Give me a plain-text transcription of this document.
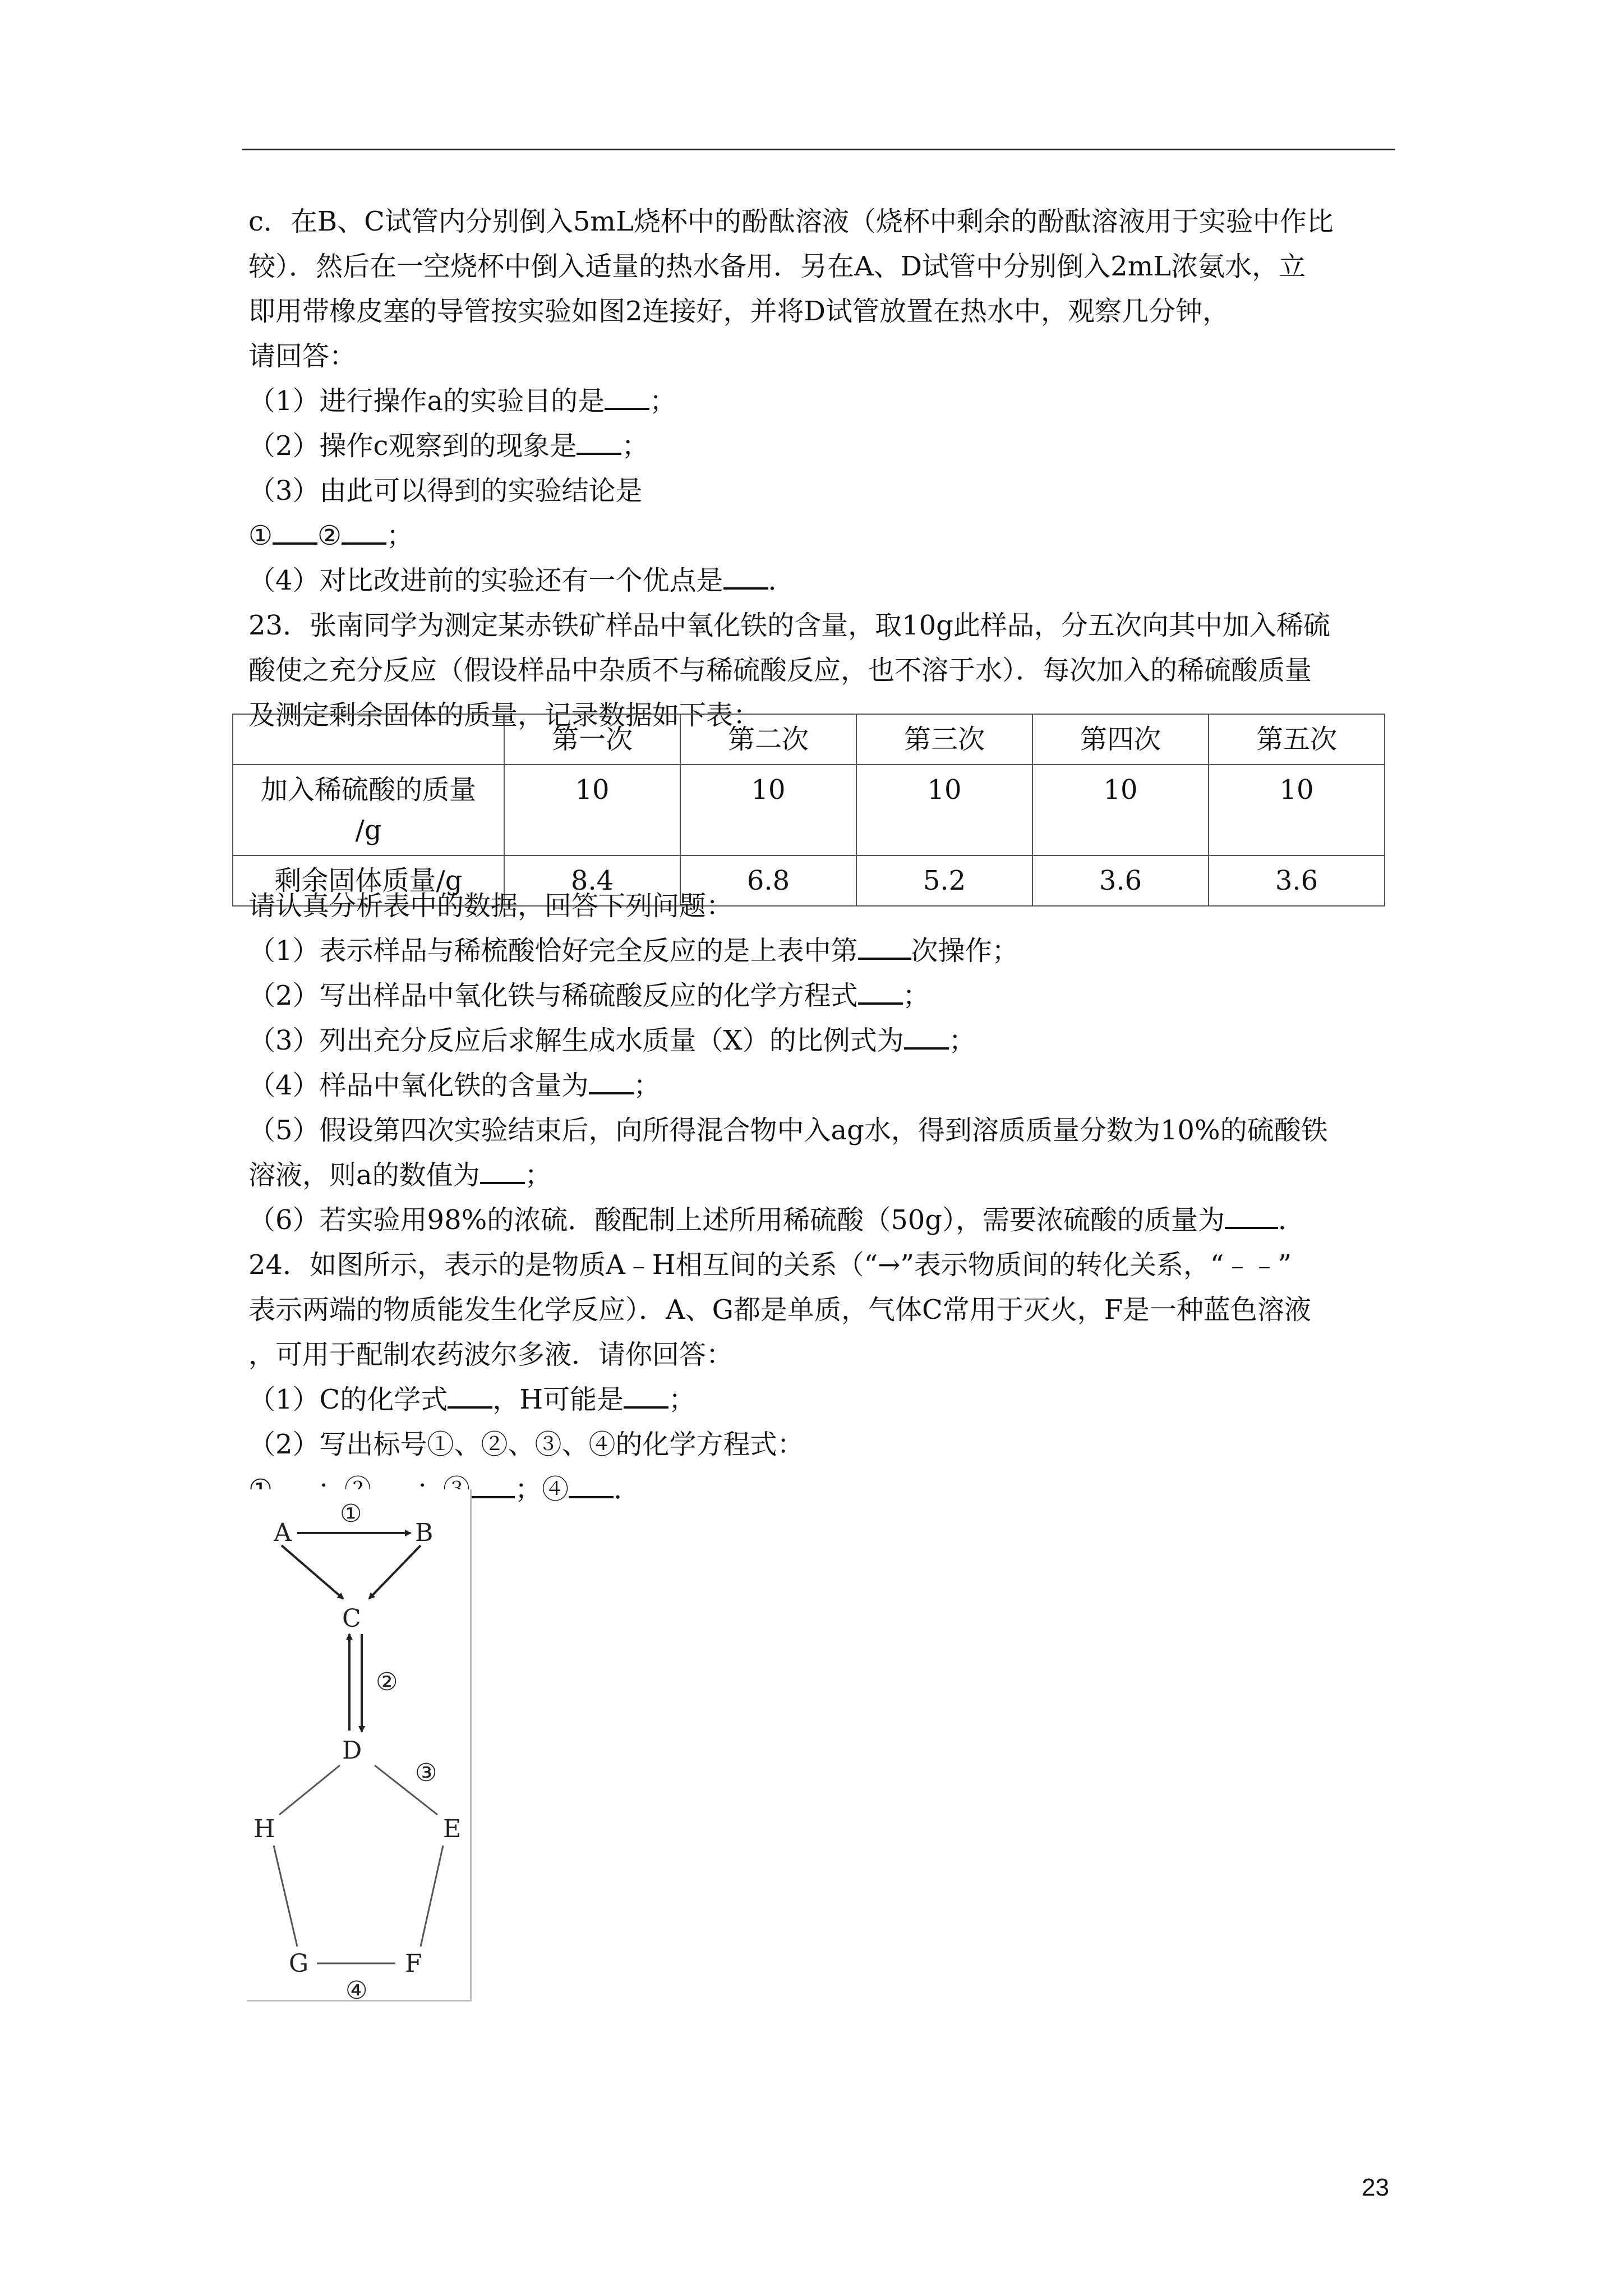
c．在B、C试管内分别倒入5mL烧杯中的酚酞溶液（烧杯中剩余的酚酞溶液用于实验中作比
较）．然后在一空烧杯中倒入适量的热水备用．另在A、D试管中分别倒入2mL浓氨水，立
即用带橡皮塞的导管按实验如图2连接好，并将D试管放置在热水中，观察几分钟，
请回答：
（1）进行操作a的实验目的是 ；
（2）操作c观察到的现象是 ；
（3）由此可以得到的实验结论是
① ② ；
（4）对比改进前的实验还有一个优点是 ．
23．张南同学为测定某赤铁矿样品中氧化铁的含量，取10g此样品，分五次向其中加入稀硫
酸使之充分反应（假设样品中杂质不与稀硫酸反应，也不溶于水）．每次加入的稀硫酸质量
及测定剩余固体的质量，记录数据如下表：
	第一次	第二次	第三次	第四次	第五次

加入稀硫酸的质量
/g	10	10	10	10	10
剩余固体质量/g	8.4	6.8	5.2	3.6	3.6
请认真分析表中的数据，回答下列问题：
（1）表示样品与稀梳酸恰好完全反应的是上表中第 次操作；
（2）写出样品中氧化铁与稀硫酸反应的化学方程式 ；
（3）列出充分反应后求解生成水质量（X）的比例式为 ；
（4）样品中氧化铁的含量为 ；
（5）假设第四次实验结束后，向所得混合物中入ag水，得到溶质质量分数为10%的硫酸铁
溶液，则a的数值为 ；
（6）若实验用98%的浓硫．酸配制上述所用稀硫酸（50g），需要浓硫酸的质量为 ．
24．如图所示，表示的是物质A﹣H相互间的关系（“→”表示物质间的转化关系，“﹣﹣”
表示两端的物质能发生化学反应）．A、G都是单质，气体C常用于灭火，F是一种蓝色溶液
，可用于配制农药波尔多液．请你回答：
（1）C的化学式 ，H可能是 ；
（2）写出标号①、②、③、④的化学方程式：
；④ ．
A	B
C
D
H	E
G	F
①
②
③
④
23
